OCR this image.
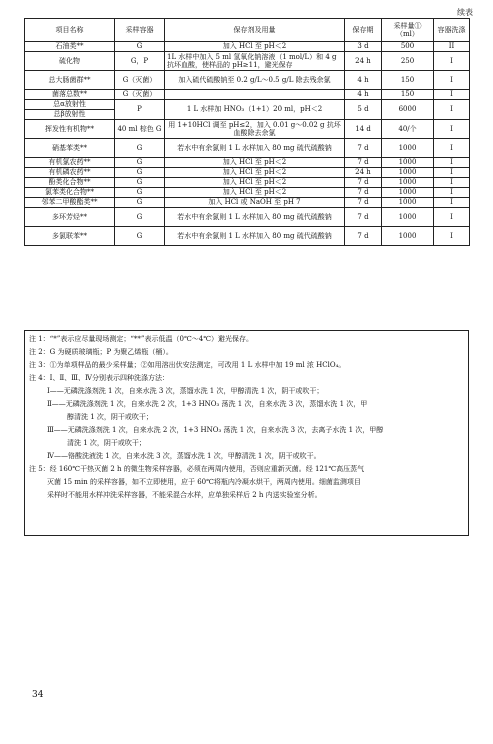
续表
项目名称	采样容器	保存剂及用量	保存期	采样量①（ml）	容器洗涤
石油类**	G	加入 HCl 至 pH＜2	3 d	500	II
硫化物	G，P	1L 水样中加入 5 ml 氢氧化钠溶液（1 mol/L）和 4 g 抗坏血酸，使样品的 pH≥11，避光保存	24 h	250	I
总大肠菌群**	G（灭菌）	加入硫代硫酸钠至 0.2 g/L～0.5 g/L 除去残余氯	4 h	150	I
菌落总数**	G（灭菌）		4 h	150	I
总α放射性	P	1 L 水样加 HNO₃（1+1）20 ml，pH＜2	5 d	6000	I
总β放射性					
挥发性有机物**	40 ml 棕色 G	用 1+10HCl 调至 pH≤2，加入 0.01 g～0.02 g 抗坏血酸除去余氯	14 d	40/个	I
硝基苯类**	G	若水中有余氯则 1 L 水样加入 80 mg 硫代硫酸钠	7 d	1000	I
有机氯农药**	G	加入 HCl 至 pH＜2	7 d	1000	I
有机磷农药**	G	加入 HCl 至 pH＜2	24 h	1000	I
酚类化合物**	G	加入 HCl 至 pH＜2	7 d	1000	I
氯苯类化合物**	G	加入 HCl 至 pH＜2	7 d	1000	I
邻苯二甲酸酯类**	G	加入 HCl 或 NaOH 至 pH 7	7 d	1000	I
多环芳烃**	G	若水中有余氯则 1 L 水样加入 80 mg 硫代硫酸钠	7 d	1000	I
多氯联苯**	G	若水中有余氯则 1 L 水样加入 80 mg 硫代硫酸钠	7 d	1000	I

注 1：“*”表示应尽量现场测定；“**”表示低温（0℃～4℃）避光保存。

注 2：G 为硬质玻璃瓶；P 为聚乙烯瓶（桶）。

注 3：①为单项样品的最少采样量；②如用溶出伏安法测定，可改用 1 L 水样中加 19 ml 浓 HClO₄。

注 4：Ⅰ、Ⅱ、Ⅲ、Ⅳ分别表示四种洗涤方法：

Ⅰ——无磷洗涤剂洗 1 次，自来水洗 3 次，蒸馏水洗 1 次，甲醇清洗 1 次，阴干或吹干；

Ⅱ——无磷洗涤剂洗 1 次，自来水洗 2 次，1+3 HNO₃ 荡洗 1 次，自来水洗 3 次，蒸馏水洗 1 次，甲

醇清洗 1 次，阴干或吹干；

Ⅲ——无磷洗涤剂洗 1 次，自来水洗 2 次，1+3 HNO₃ 荡洗 1 次，自来水洗 3 次，去离子水洗 1 次，甲醇

清洗 1 次，阴干或吹干；

Ⅳ——铬酸洗液洗 1 次，自来水洗 3 次，蒸馏水洗 1 次，甲醇清洗 1 次，阴干或吹干。

注 5：经 160℃干热灭菌 2 h 的微生物采样容器，必须在两周内使用，否则应重新灭菌。经 121℃高压蒸气

灭菌 15 min 的采样容器，如不立即使用，应于 60℃将瓶内冷凝水烘干，两周内使用。细菌监测项目

采样时不能用水样冲洗采样容器，不能采混合水样，应单独采样后 2 h 内送实验室分析。

34
